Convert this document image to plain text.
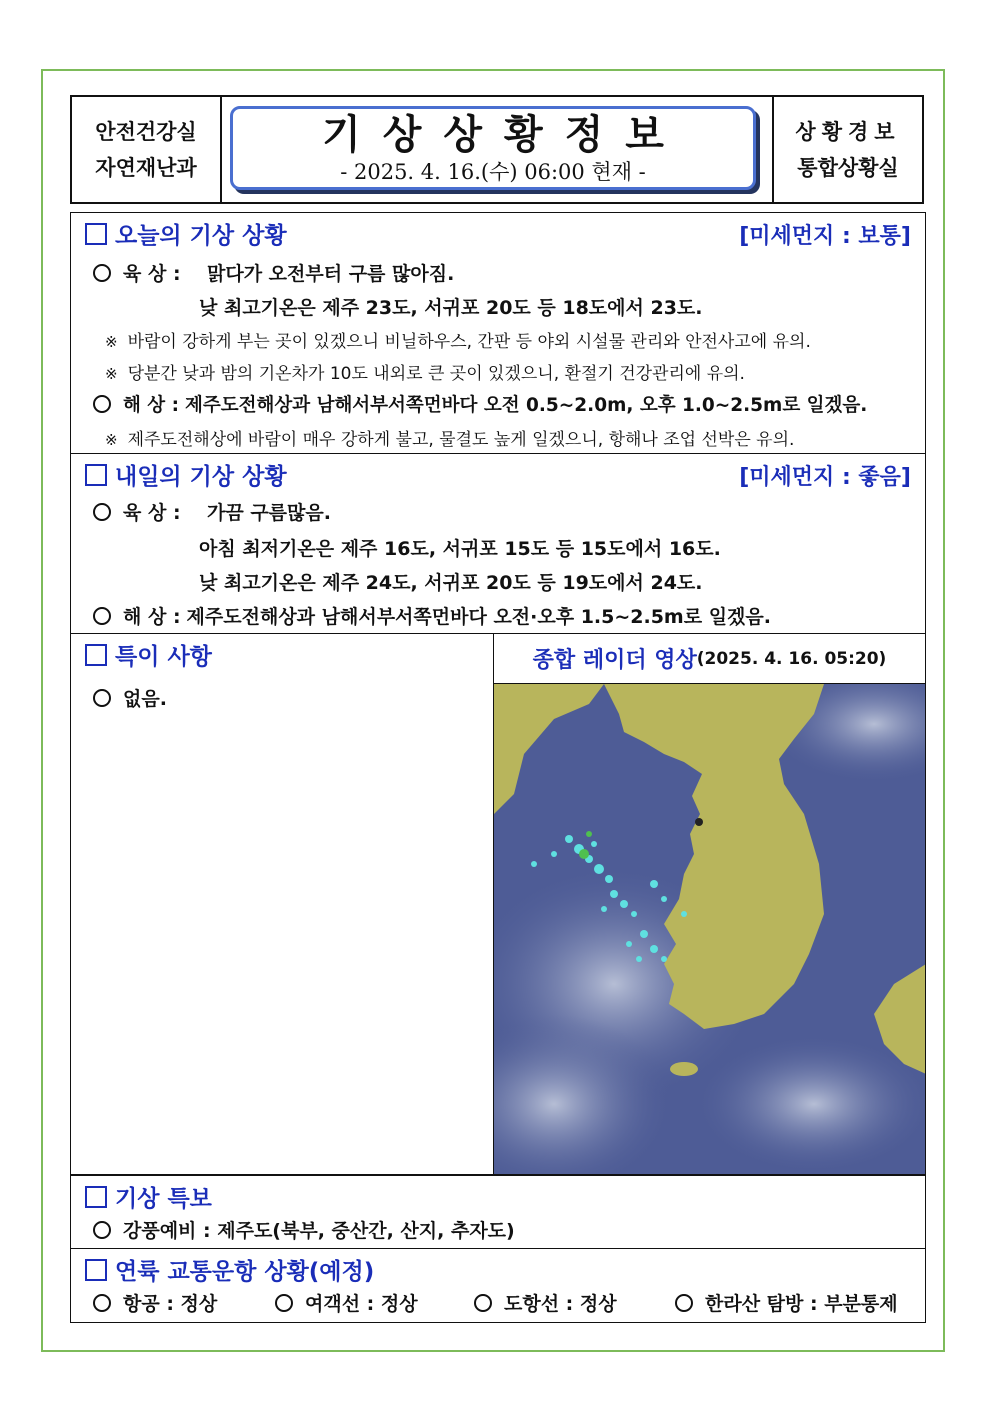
안전건강실
자연재난과
기상상황정보
- 2025. 4. 16.(수) 06:00 현재 -
상황경보
통합상황실
오늘의 기상 상황	[미세먼지 : 보통]
육 상 : 맑다가 오전부터 구름 많아짐.
낮 최고기온은 제주 23도, 서귀포 20도 등 18도에서 23도.
※ 바람이 강하게 부는 곳이 있겠으니 비닐하우스, 간판 등 야외 시설물 관리와 안전사고에 유의.
※ 당분간 낮과 밤의 기온차가 10도 내외로 큰 곳이 있겠으니, 환절기 건강관리에 유의.
해 상 : 제주도전해상과 남해서부서쪽먼바다 오전 0.5~2.0m, 오후 1.0~2.5m로 일겠음.
※ 제주도전해상에 바람이 매우 강하게 불고, 물결도 높게 일겠으니, 항해나 조업 선박은 유의.
내일의 기상 상황	[미세먼지 : 좋음]
육 상 : 가끔 구름많음.
아침 최저기온은 제주 16도, 서귀포 15도 등 15도에서 16도.
낮 최고기온은 제주 24도, 서귀포 20도 등 19도에서 24도.
해 상 : 제주도전해상과 남해서부서쪽먼바다 오전·오후 1.5~2.5m로 일겠음.
특이 사항
없음.
종합 레이더 영상 (2025. 4. 16. 05:20)
기상 특보
강풍예비 : 제주도(북부, 중산간, 산지, 추자도)
연륙 교통운항 상황(예정)
항공 : 정상	여객선 : 정상	도항선 : 정상	한라산 탐방 : 부분통제
